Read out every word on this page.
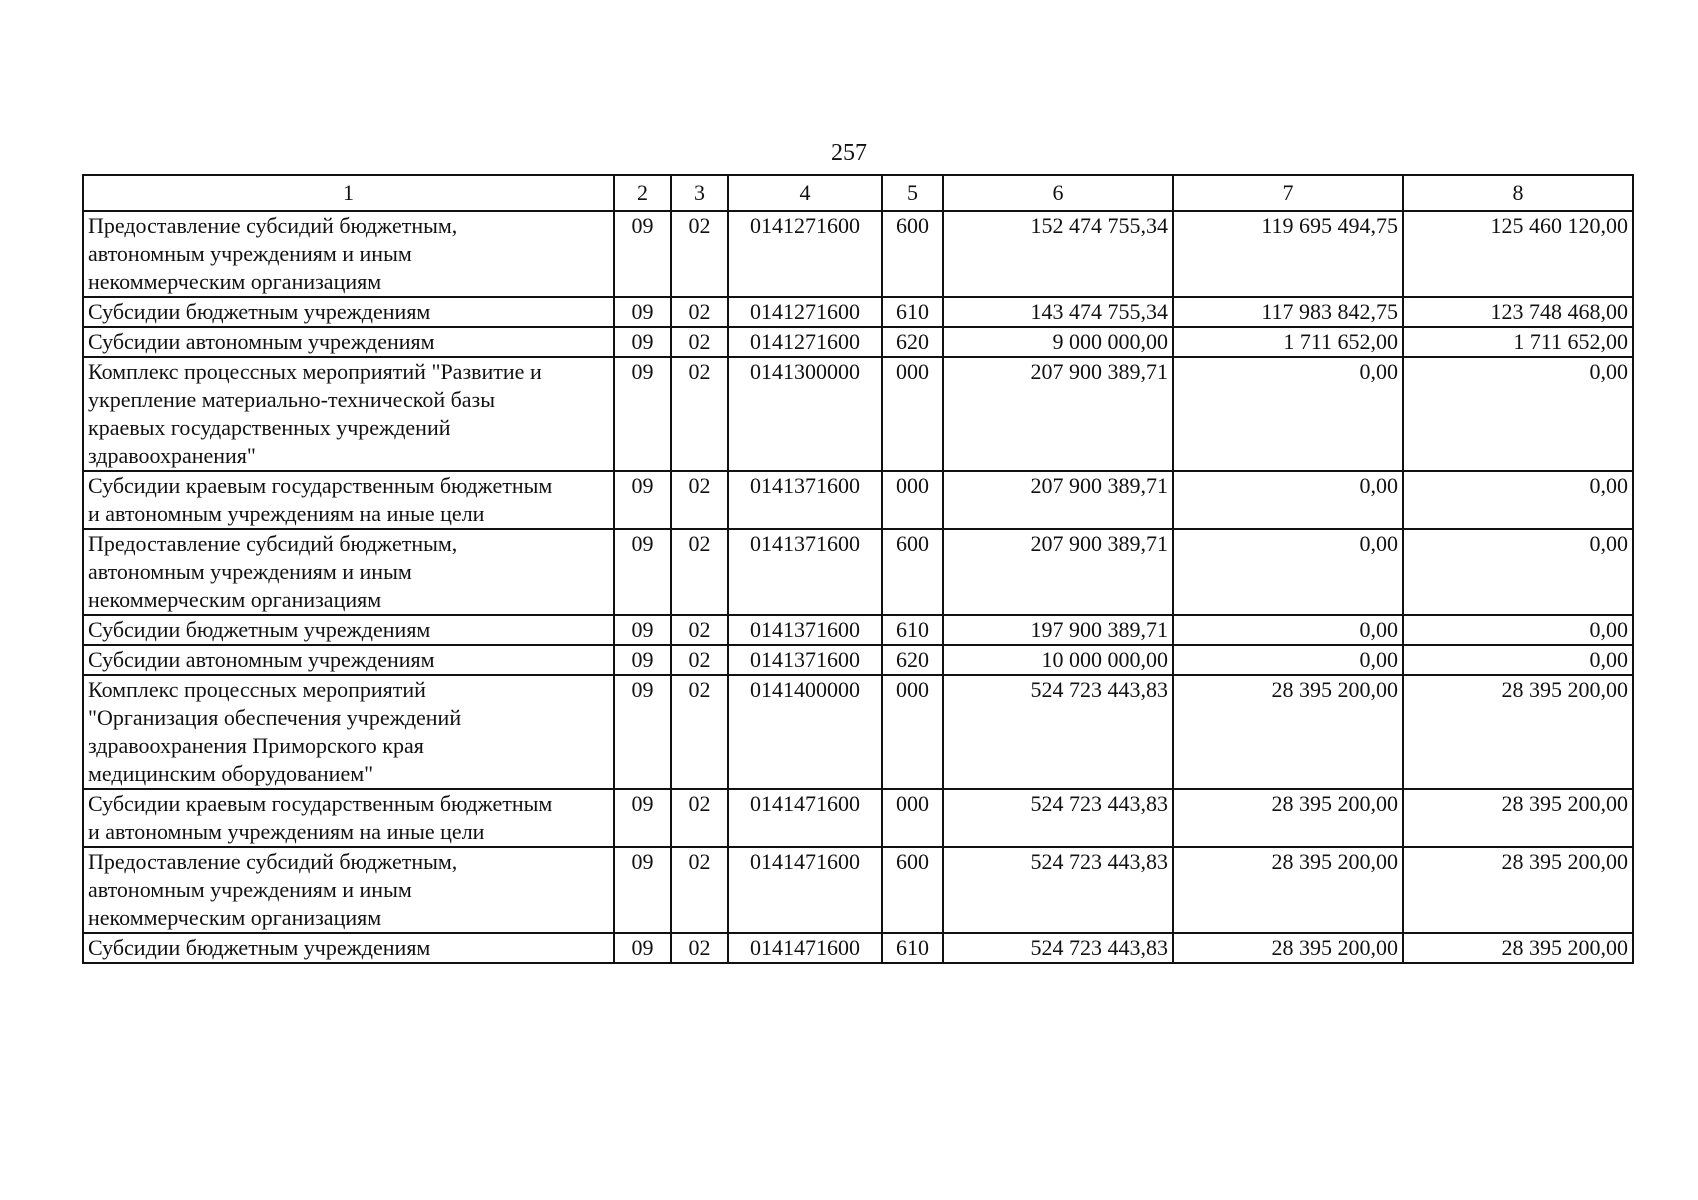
257
1	2	3	4	5	6	7	8
Предоставление субсидий бюджетным,
автономным учреждениям и иным
некоммерческим организациям	09	02	0141271600	600	152 474 755,34	119 695 494,75	125 460 120,00
Субсидии бюджетным учреждениям	09	02	0141271600	610	143 474 755,34	117 983 842,75	123 748 468,00
Субсидии автономным учреждениям	09	02	0141271600	620	9 000 000,00	1 711 652,00	1 711 652,00
Комплекс процессных мероприятий "Развитие и
укрепление материально-технической базы
краевых государственных учреждений
здравоохранения"	09	02	0141300000	000	207 900 389,71	0,00	0,00
Субсидии краевым государственным бюджетным
и автономным учреждениям на иные цели	09	02	0141371600	000	207 900 389,71	0,00	0,00
Предоставление субсидий бюджетным,
автономным учреждениям и иным
некоммерческим организациям	09	02	0141371600	600	207 900 389,71	0,00	0,00
Субсидии бюджетным учреждениям	09	02	0141371600	610	197 900 389,71	0,00	0,00
Субсидии автономным учреждениям	09	02	0141371600	620	10 000 000,00	0,00	0,00
Комплекс процессных мероприятий
"Организация обеспечения учреждений
здравоохранения Приморского края
медицинским оборудованием"	09	02	0141400000	000	524 723 443,83	28 395 200,00	28 395 200,00
Субсидии краевым государственным бюджетным
и автономным учреждениям на иные цели	09	02	0141471600	000	524 723 443,83	28 395 200,00	28 395 200,00
Предоставление субсидий бюджетным,
автономным учреждениям и иным
некоммерческим организациям	09	02	0141471600	600	524 723 443,83	28 395 200,00	28 395 200,00
Субсидии бюджетным учреждениям	09	02	0141471600	610	524 723 443,83	28 395 200,00	28 395 200,00
